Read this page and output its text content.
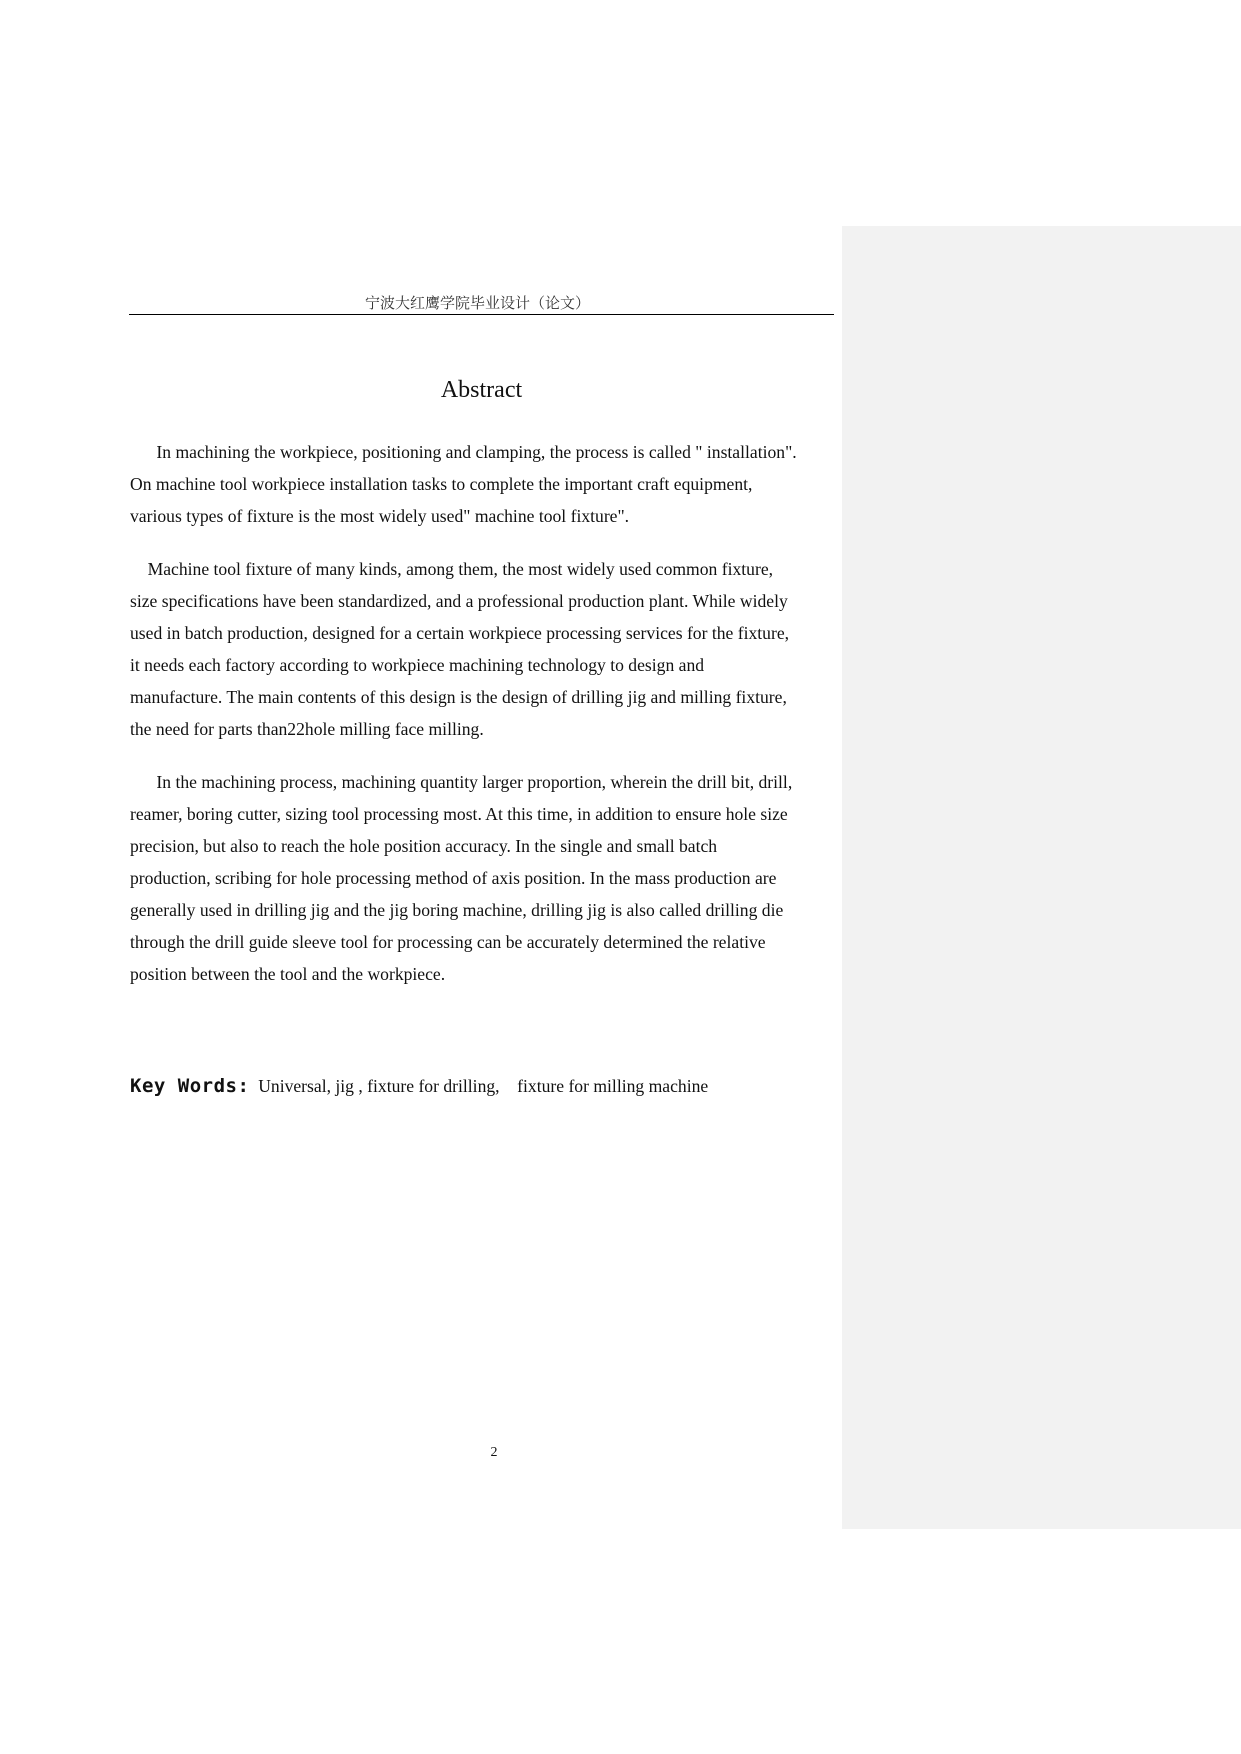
宁波大红鹰学院毕业设计（论文）
Abstract

In machining the workpiece, positioning and clamping, the process is called " installation".
On machine tool workpiece installation tasks to complete the important craft equipment,
various types of fixture is the most widely used" machine tool fixture".

Machine tool fixture of many kinds, among them, the most widely used common fixture,
size specifications have been standardized, and a professional production plant. While widely
used in batch production, designed for a certain workpiece processing services for the fixture,
it needs each factory according to workpiece machining technology to design and
manufacture. The main contents of this design is the design of drilling jig and milling fixture,
the need for parts than22hole milling face milling.

In the machining process, machining quantity larger proportion, wherein the drill bit, drill,
reamer, boring cutter, sizing tool processing most. At this time, in addition to ensure hole size
precision, but also to reach the hole position accuracy. In the single and small batch
production, scribing for hole processing method of axis position. In the mass production are
generally used in drilling jig and the jig boring machine, drilling jig is also called drilling die
through the drill guide sleeve tool for processing can be accurately determined the relative
position between the tool and the workpiece.

Key Words:  Universal, jig , fixture for drilling,    fixture for milling machine
2
